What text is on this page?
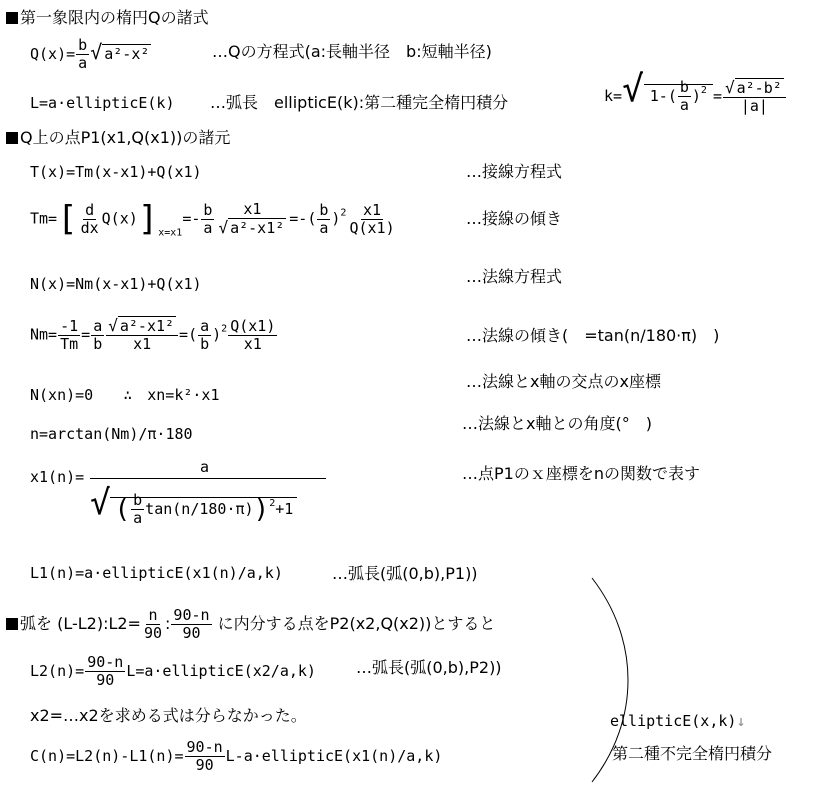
第一象限内の楕円Qの諸式
$Q(x)= \frac{b}{a}$ √ a²-x²	…Qの方程式(a:長軸半径　b:短軸半径)
L=a·ellipticE(k) …弧長　ellipticE(k):第二種完全楕円積分	k=√ $1-( \frac{b}{a} )^2 = \frac{\text{√ a²-b²}}{|a|}$
Q上の点P1(x1,Q(x1))の諸元
T(x)=Tm(x-x1)+Q(x1)	…接線方程式
$Tm=[ \frac{d}{dx} Q(x)]_{x=x1}=- \frac{b}{a} \frac{x1}{\text{√ a²-x1²}}$ =-( $\frac{b}{a} )^2 \frac{x1}{Q(x1)}$	…接線の傾き
N(x)=Nm(x-x1)+Q(x1)	…法線方程式
$Nm= \frac{-1}{Tm} = \frac{a}{b} \frac{\text{√ a²-x1²}}{x1}$ =( $\frac{a}{b} )^2 \frac{Q(x1)}{x1}$	…法線の傾き(　=tan(n/180·π)　)
N(xn)=0　　∴　xn=k²·x1
…法線とx軸の交点のx座標
n=arctan(Nm)/π·180
…法線とx軸との角度(°　)
x1(n)=
a
√ ( $\frac{b}{a} \tan(n/180\cdot\pi))^2+1$
…点P1のｘ座標をnの関数で表す
L1(n)=a·ellipticE(x1(n)/a,k)	…弧長(弧(0,b),P1))
弧を (L-L2):L2= $\frac{n}{90}$ : $\frac{90-n}{90}$ に内分する点をP2(x2,Q(x2))とすると
$L2(n)= \frac{90-n}{90}$ L=a·ellipticE(x2/a,k)	…弧長(弧(0,b),P2))
x2=…x2を求める式は分らなかった。
$C(n)=L2(n)-L1(n)= \frac{90-n}{90}$ L-a·ellipticE(x1(n)/a,k)
ellipticE(x,k)↓
第二種不完全楕円積分
